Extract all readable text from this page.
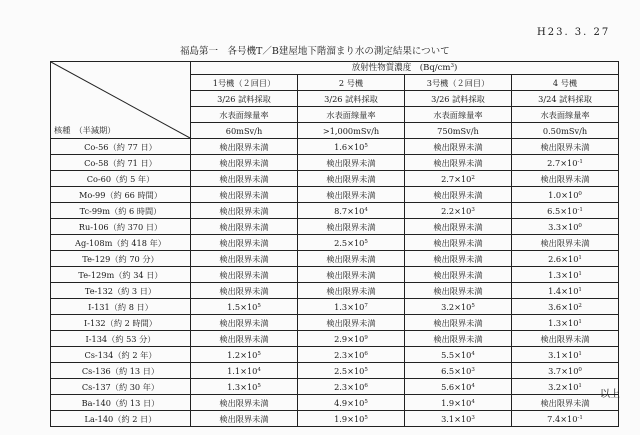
H23. 3. 27
福島第一　各号機T／B建屋地下階溜まり水の測定結果について
核種　（半減期）	放射性物質濃度　$(Bq/cm^3)$			
	1号機（２回目）	2 号機	3号機（２回目）	4 号機
	3/26 試料採取	3/26 試料採取	3/26 試料採取	3/24 試料採取
	水表面線量率	水表面線量率	水表面線量率	水表面線量率
	60mSv/h	>1,000mSv/h	750mSv/h	0.50mSv/h
Co-56（約 77 日）	検出限界未満	$1.6\times 10^5$	検出限界未満	検出限界未満
Co-58（約 71 日）	検出限界未満	検出限界未満	検出限界未満	$2.7\times 10^{-1}$
Co-60（約 5 年）	検出限界未満	検出限界未満	$2.7\times 10^2$	検出限界未満
Mo-99（約 66 時間）	検出限界未満	検出限界未満	検出限界未満	$1.0\times 10^0$
Tc-99m（約 6 時間）	検出限界未満	$8.7\times 10^4$	$2.2\times 10^3$	$6.5\times 10^{-1}$
Ru-106（約 370 日）	検出限界未満	検出限界未満	検出限界未満	$3.3\times 10^0$
Ag-108m（約 418 年）	検出限界未満	$2.5\times 10^5$	検出限界未満	検出限界未満
Te-129（約 70 分）	検出限界未満	検出限界未満	検出限界未満	$2.6\times 10^1$
Te-129m（約 34 日）	検出限界未満	検出限界未満	検出限界未満	$1.3\times 10^1$
Te-132（約 3 日）	検出限界未満	検出限界未満	検出限界未満	$1.4\times 10^1$
I-131（約 8 日）	$1.5\times 10^5$	$1.3\times 10^7$	$3.2\times 10^5$	$3.6\times 10^2$
I-132（約 2 時間）	検出限界未満	検出限界未満	検出限界未満	$1.3\times 10^1$
I-134（約 53 分）	検出限界未満	$2.9\times 10^9$	検出限界未満	検出限界未満
Cs-134（約 2 年）	$1.2\times 10^5$	$2.3\times 10^6$	$5.5\times 10^4$	$3.1\times 10^1$
Cs-136（約 13 日）	$1.1\times 10^4$	$2.5\times 10^5$	$6.5\times 10^3$	$3.7\times 10^0$
Cs-137（約 30 年）	$1.3\times 10^5$	$2.3\times 10^6$	$5.6\times 10^4$	$3.2\times 10^1$
Ba-140（約 13 日）	検出限界未満	$4.9\times 10^5$	$1.9\times 10^4$	検出限界未満
La-140（約 2 日）	検出限界未満	$1.9\times 10^5$	$3.1\times 10^3$	$7.4\times 10^{-1}$
以上
